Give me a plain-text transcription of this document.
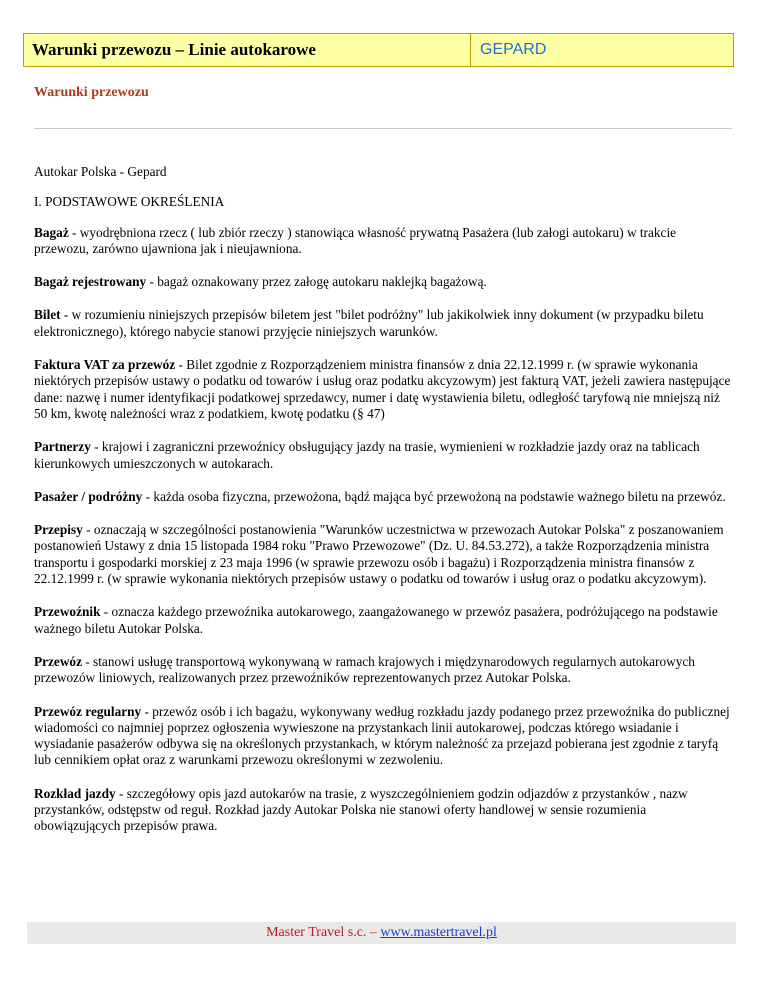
Warunki przewozu – Linie autokarowe	GEPARD
Warunki przewozu

Autokar Polska - Gepard

I. PODSTAWOWE OKREŚLENIA

Bagaż - wyodrębniona rzecz ( lub zbiór rzeczy ) stanowiąca własność prywatną Pasażera (lub załogi autokaru) w trakcie przewozu, zarówno ujawniona jak i nieujawniona.

Bagaż rejestrowany - bagaż oznakowany przez załogę autokaru naklejką bagażową.

Bilet - w rozumieniu niniejszych przepisów biletem jest "bilet podróżny" lub jakikolwiek inny dokument (w przypadku biletu elektronicznego), którego nabycie stanowi przyjęcie niniejszych warunków.

Faktura VAT za przewóz - Bilet zgodnie z Rozporządzeniem ministra finansów z dnia 22.12.1999 r. (w sprawie wykonania niektórych przepisów ustawy o podatku od towarów i usług oraz podatku akcyzowym) jest fakturą VAT, jeżeli zawiera następujące dane: nazwę i numer identyfikacji podatkowej sprzedawcy, numer i datę wystawienia biletu, odległość taryfową nie mniejszą niż 50 km, kwotę należności wraz z podatkiem, kwotę podatku (§ 47)

Partnerzy - krajowi i zagraniczni przewoźnicy obsługujący jazdy na trasie, wymienieni w rozkładzie jazdy oraz na tablicach kierunkowych umieszczonych w autokarach.

Pasażer / podróżny - każda osoba fizyczna, przewożona, bądź mająca być przewożoną na podstawie ważnego biletu na przewóz.

Przepisy - oznaczają w szczególności postanowienia "Warunków uczestnictwa w przewozach Autokar Polska" z poszanowaniem postanowień Ustawy z dnia 15 listopada 1984 roku "Prawo Przewozowe" (Dz. U. 84.53.272), a także Rozporządzenia ministra transportu i gospodarki morskiej z 23 maja 1996 (w sprawie przewozu osób i bagażu) i Rozporządzenia ministra finansów z 22.12.1999 r. (w sprawie wykonania niektórych przepisów ustawy o podatku od towarów i usług oraz o podatku akcyzowym).

Przewoźnik - oznacza każdego przewoźnika autokarowego, zaangażowanego w przewóz pasażera, podróżującego na podstawie ważnego biletu Autokar Polska.

Przewóz - stanowi usługę transportową wykonywaną w ramach krajowych i międzynarodowych regularnych autokarowych przewozów liniowych, realizowanych przez przewoźników reprezentowanych przez Autokar Polska.

Przewóz regularny - przewóz osób i ich bagażu, wykonywany według rozkładu jazdy podanego przez przewoźnika do publicznej wiadomości co najmniej poprzez ogłoszenia wywieszone na przystankach linii autokarowej, podczas którego wsiadanie i wysiadanie pasażerów odbywa się na określonych przystankach, w którym należność za przejazd pobierana jest zgodnie z taryfą lub cennikiem opłat oraz z warunkami przewozu określonymi w zezwoleniu.

Rozkład jazdy - szczegółowy opis jazd autokarów na trasie, z wyszczególnieniem godzin odjazdów z przystanków , nazw przystanków, odstępstw od reguł. Rozkład jazdy Autokar Polska nie stanowi oferty handlowej w sensie rozumienia obowiązujących przepisów prawa.

Master Travel s.c. – www.mastertravel.pl
